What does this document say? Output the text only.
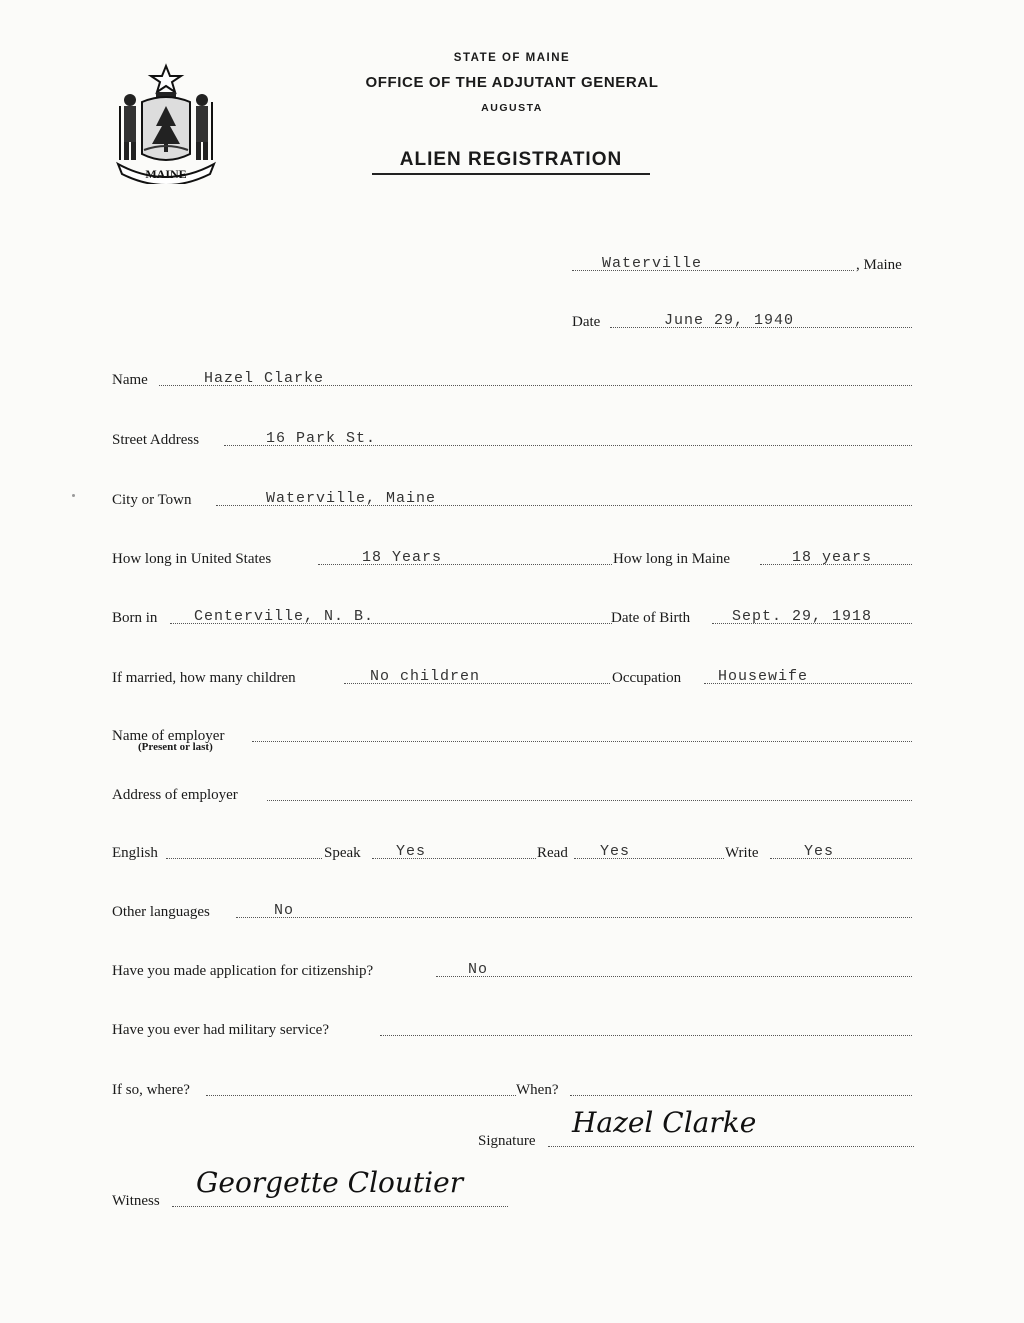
MAINE
STATE OF MAINE
OFFICE OF THE ADJUTANT GENERAL
AUGUSTA
ALIEN REGISTRATION
Waterville	, Maine
Date	June 29, 1940
Name	Hazel Clarke
Street Address	16 Park St.
City or Town	Waterville, Maine
How long in United States	18 Years	How long in Maine	18 years
Born in Centerville, N. B.	Date of Birth	Sept. 29, 1918
If married, how many children	No children	Occupation Housewife
Name of employer
(Present or last)
Address of employer
English	Speak Yes	Read Yes	Write	Yes
Other languages	No
Have you made application for citizenship?	No
Have you ever had military service?
If so, where?	When?
Signature
Hazel Clarke
Witness
Georgette Cloutier
